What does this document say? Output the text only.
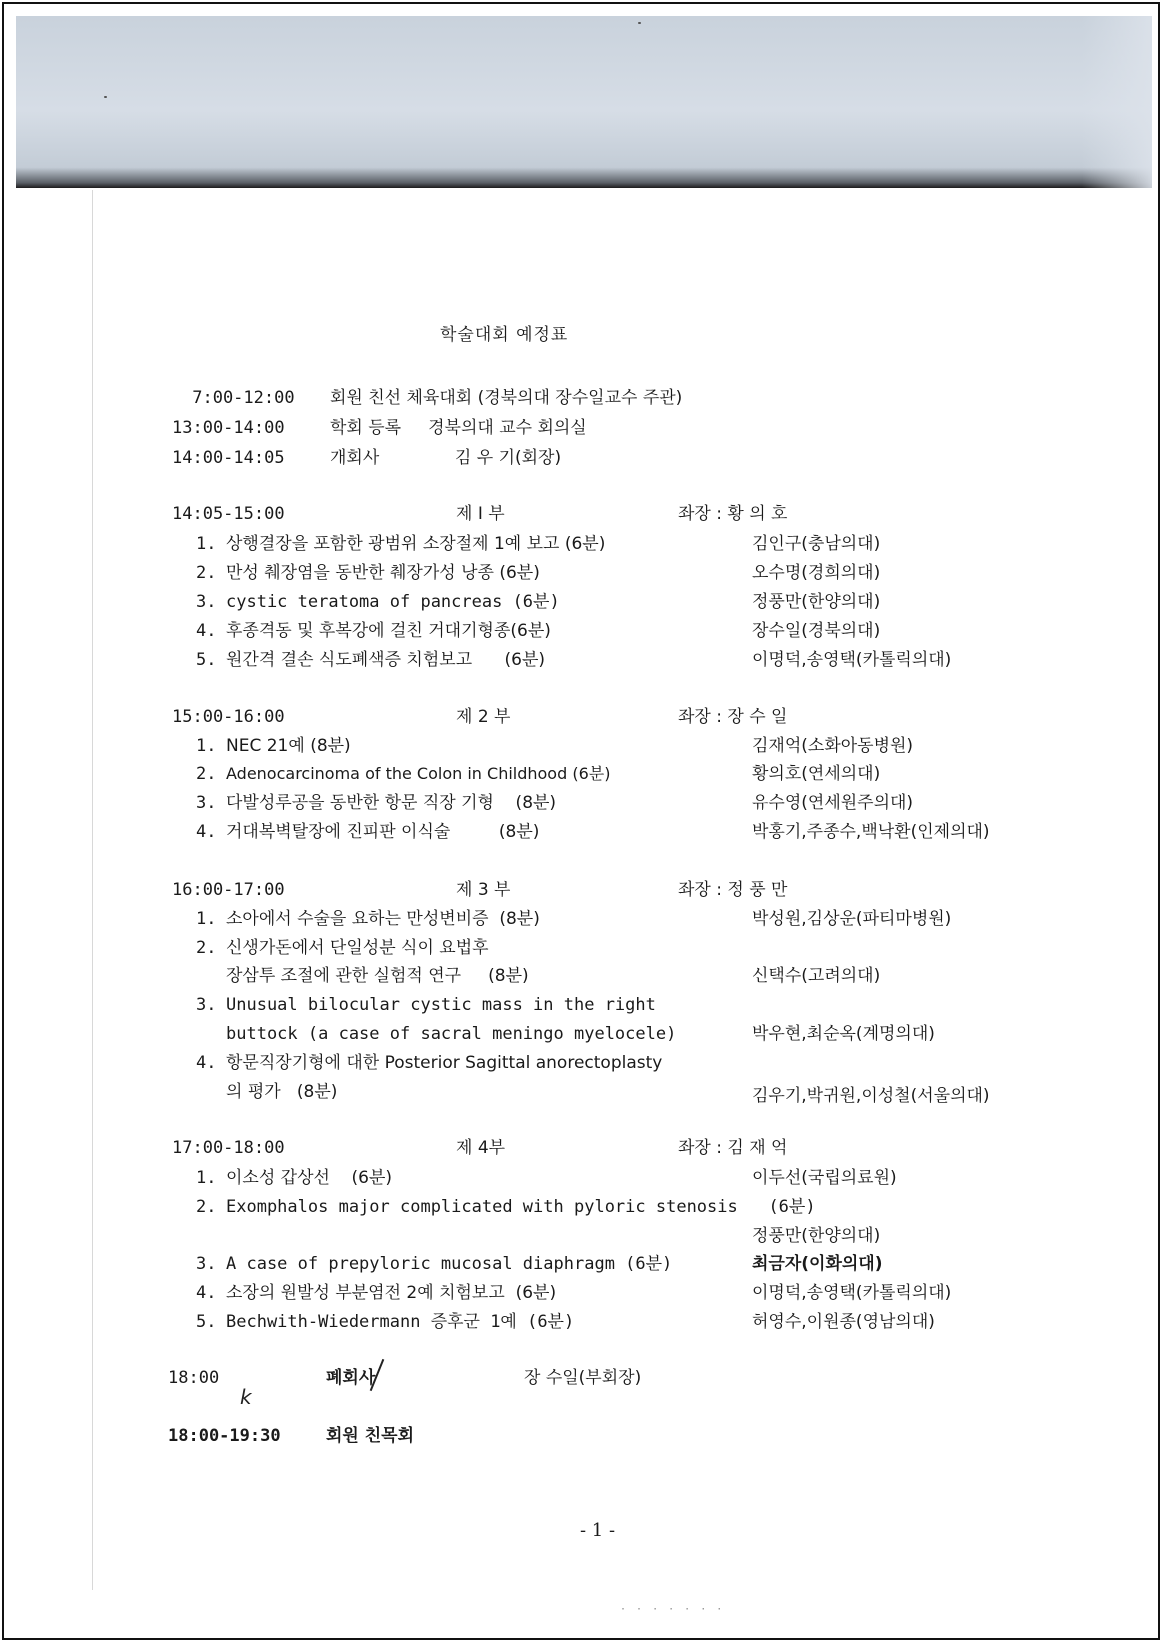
학술대회 예정표
7:00-12:00 회원 친선 체육대회 (경북의대 장수일교수 주관)
13:00-14:00	학회 등록     경북의대 교수 회의실
14:00-14:05	개회사              김 우 기(회장)
14:05-15:00	제 I 부	좌장 : 황 의 호
1. 상행결장을 포함한 광범위 소장절제 1예 보고 (6분)	김인구(충남의대)
2. 만성 췌장염을 동반한 췌장가성 낭종 (6분)	오수명(경희의대)
3. cystic teratoma of pancreas (6분)	정풍만(한양의대)
4. 후종격동 및 후복강에 걸친 거대기형종(6분)	장수일(경북의대)
5. 원간격 결손 식도폐색증 치험보고      (6분)	이명덕,송영택(카톨릭의대)
15:00-16:00	제 2 부	좌장 : 장 수 일
1. NEC 21예 (8분)	김재억(소화아동병원)
2. Adenocarcinoma of the Colon in Childhood (6분)	황의호(연세의대)
3. 다발성루공을 동반한 항문 직장 기형    (8분)	유수영(연세원주의대)
4. 거대복벽탈장에 진피판 이식술         (8분)	박홍기,주종수,백낙환(인제의대)
16:00-17:00	제 3 부	좌장 : 정 풍 만
1. 소아에서 수술을 요하는 만성변비증  (8분)	박성원,김상운(파티마병원)
2. 신생가돈에서 단일성분 식이 요법후
장삼투 조절에 관한 실험적 연구     (8분)	신택수(고려의대)
3. Unusual bilocular cystic mass in the right
buttock (a case of sacral meningo myelocele)	박우현,최순옥(계명의대)
4. 항문직장기형에 대한 Posterior Sagittal anorectoplasty
의 평가   (8분)	김우기,박귀원,이성철(서울의대)
17:00-18:00	제 4부	좌장 : 김 재 억
1. 이소성 갑상선    (6분)	이두선(국립의료원)
2. Exomphalos major complicated with pyloric stenosis   (6분)
정풍만(한양의대)
3. A case of prepyloric mucosal diaphragm (6분)	최금자(이화의대)
4. 소장의 원발성 부분염전 2예 치험보고  (6분)	이명덕,송영택(카톨릭의대)
5. Bechwith-Wiedermann 증후군 1예 (6분)	허영수,이원종(영남의대)
k
18:00	폐회사	장 수일(부회장)
18:00-19:30	회원 친목회
- 1 -
· · · · · · ·
